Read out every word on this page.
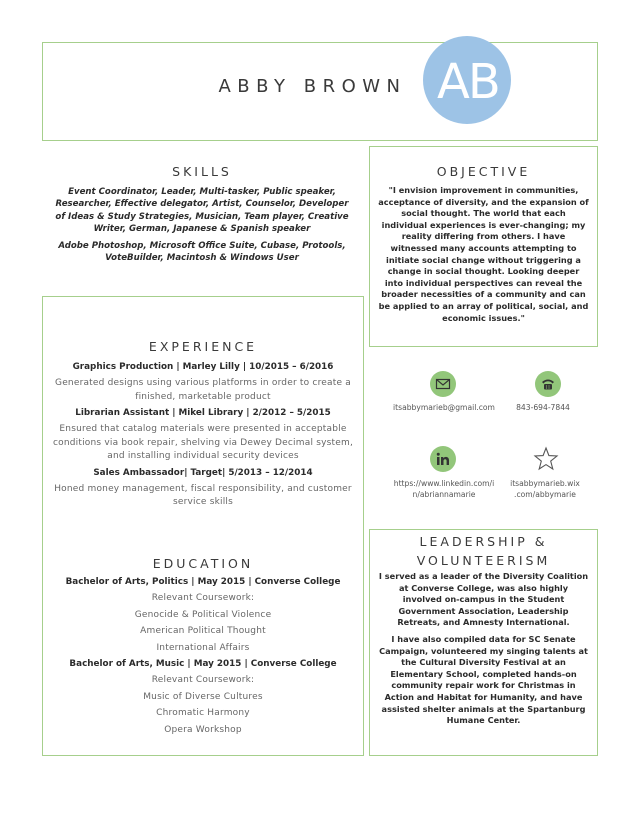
ABBY BROWN AB
SKILLS

Event Coordinator, Leader, Multi-tasker, Public speaker, Researcher, Effective delegator, Artist, Counselor, Developer of Ideas & Study Strategies, Musician, Team player, Creative Writer, German, Japanese & Spanish speaker

Adobe Photoshop, Microsoft Office Suite, Cubase, Protools, VoteBuilder, Macintosh & Windows User

OBJECTIVE
"I envision improvement in communities, acceptance of diversity, and the expansion of social thought. The world that each individual experiences is ever-changing; my reality differing from others. I have witnessed many accounts attempting to initiate social change without triggering a change in social thought. Looking deeper into individual perspectives can reveal the broader necessities of a community and can be applied to an array of political, social, and economic issues."
EXPERIENCE
Graphics Production | Marley Lilly | 10/2015 – 6/2016
Generated designs using various platforms in order to create a finished, marketable product
Librarian Assistant | Mikel Library | 2/2012 – 5/2015
Ensured that catalog materials were presented in acceptable conditions via book repair, shelving via Dewey Decimal system, and installing individual security devices
Sales Ambassador| Target| 5/2013 – 12/2014
Honed money management, fiscal responsibility, and customer service skills
EDUCATION
Bachelor of Arts, Politics | May 2015 | Converse College
Relevant Coursework:
Genocide & Political Violence
American Political Thought
International Affairs
Bachelor of Arts, Music | May 2015 | Converse College
Relevant Coursework:
Music of Diverse Cultures
Chromatic Harmony
Opera Workshop
itsabbymarieb@gmail.com	843-694-7844
https://www.linkedin.com/i
n/abriannamarie
itsabbymarieb.wix
.com/abbymarie
LEADERSHIP &
VOLUNTEERISM

I served as a leader of the Diversity Coalition at Converse College, was also highly involved on-campus in the Student Government Association, Leadership Retreats, and Amnesty International.

I have also compiled data for SC Senate Campaign, volunteered my singing talents at the Cultural Diversity Festival at an Elementary School, completed hands-on community repair work for Christmas in Action and Habitat for Humanity, and have assisted shelter animals at the Spartanburg Humane Center.
